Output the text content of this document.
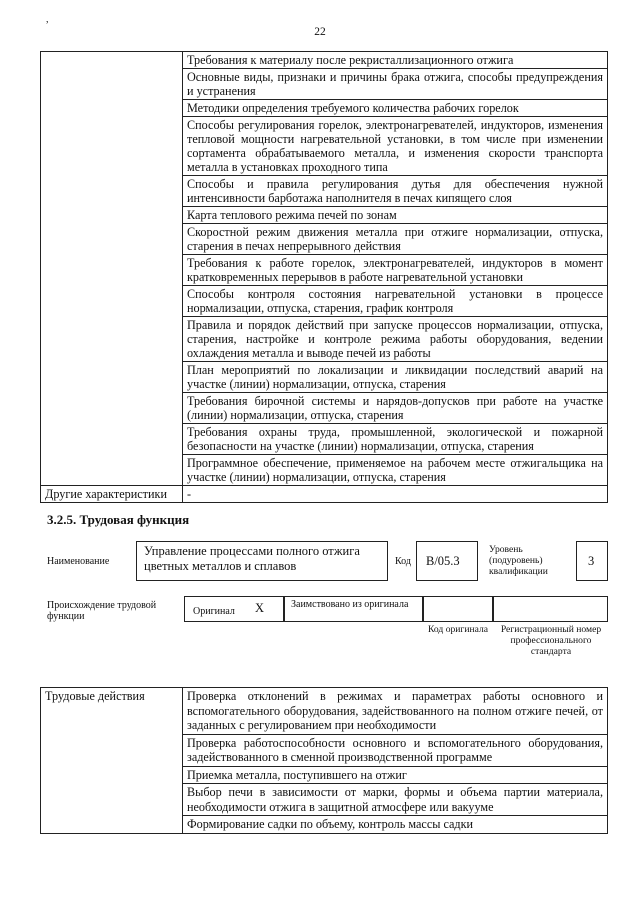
,
22
	Требования к материалу после рекристаллизационного отжига
	Основные виды, признаки и причины брака отжига, способы предупреждения и устранения
	Методики определения требуемого количества рабочих горелок
	Способы регулирования горелок, электронагревателей, индукторов, изменения тепловой мощности нагревательной установки, в том числе при изменении сортамента обрабатываемого металла, и изменения скорости транспорта металла в установках проходного типа
	Способы и правила регулирования дутья для обеспечения нужной интенсивности барботажа наполнителя в печах кипящего слоя
	Карта теплового режима печей по зонам
	Скоростной режим движения металла при отжиге нормализации, отпуска, старения в печах непрерывного действия
	Требования к работе горелок, электронагревателей, индукторов в момент кратковременных перерывов в работе нагревательной установки
	Способы контроля состояния нагревательной установки в процессе нормализации, отпуска, старения, график контроля
	Правила и порядок действий при запуске процессов нормализации, отпуска, старения, настройке и контроле режима работы оборудования, ведении охлаждения металла и выводе печей из работы
	План мероприятий по локализации и ликвидации последствий аварий на участке (линии) нормализации, отпуска, старения
	Требования бирочной системы и нарядов-допусков при работе на участке (линии) нормализации, отпуска, старения
	Требования охраны труда, промышленной, экологической и пожарной безопасности на участке (линии) нормализации, отпуска, старения
	Программное обеспечение, применяемое на рабочем месте отжигальщика на участке (линии) нормализации, отпуска, старения
Другие характеристики	-
3.2.5. Трудовая функция
Наименование
Управление процессами полного отжига цветных металлов и сплавов	Код B/05.3
Уровень (подуровень) квалификации
3
Происхождение трудовой функции	Оригинал X	Заимствовано из оригинала
Код оригинала	Регистрационный номер профессионального стандарта
Трудовые действия	Проверка отклонений в режимах и параметрах работы основного и вспомогательного оборудования, задействованного на полном отжиге печей, от заданных с регулированием при необходимости
Проверка работоспособности основного и вспомогательного оборудования, задействованного в сменной производственной программе
Приемка металла, поступившего на отжиг
Выбор печи в зависимости от марки, формы и объема партии материала, необходимости отжига в защитной атмосфере или вакууме
Формирование садки по объему, контроль массы садки
